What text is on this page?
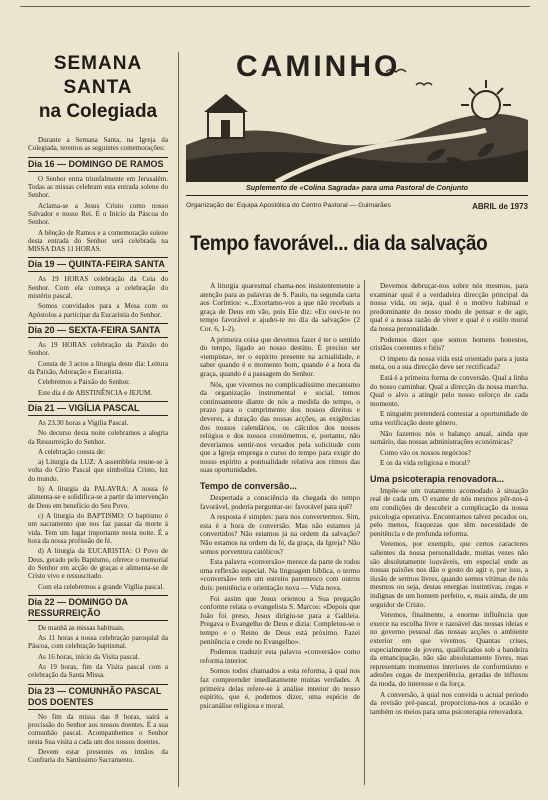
SEMANA SANTA
na Colegiada

Durante a Semana Santa, na Igreja da Colegiada, teremos as seguintes comemorações:

Dia 16 — DOMINGO DE RAMOS

O Senhor entra triunfalmente em Jerusalém. Todas as missas celebram esta entrada solene do Senhor.

Aclama-se a Jesus Cristo como nosso Salvador e nosso Rei. É o Início da Páscoa do Senhor.

A bênção de Ramos e a comemoração solene desta entrada do Senhor será celebrada na MISSA DAS 11 HORAS.

Dia 19 — QUINTA-FEIRA SANTA

As 19 HORAS celebração da Ceia do Senhor. Com ela começa a celebração do mistério pascal.

Somos convidados para a Mesa com os Apóstolos a participar da Eucaristia do Senhor.

Dia 20 — SEXTA-FEIRA SANTA

As 19 HORAS celebração da Paixão do Senhor.

Consta de 3 actos a liturgia deste dia: Leitura da Paixão, Adoração e Eucaristia.

Celebremos a Paixão do Senhor.

Este dia é de ABSTINÊNCIA e JEJUM.

Dia 21 — VIGÍLIA PASCAL

As 23.30 horas a Vigília Pascal.

No decurso desta noite celebramos a alegria da Ressurreição do Senhor.

A celebração consta de:

a) Liturgia da LUZ: A assembleia reune-se à volta do Círio Pascal que simboliza Cristo, luz do mundo.

b) A liturgia da PALAVRA: A nossa fé alimenta-se e solidifica-se a partir da intervenção de Deus em benefício do Seu Povo.

c) A liturgia do BAPTISMO: O baptismo é um sacramento que nos faz passar da morte à vida. Tem um lugar importante nesta noite. É a hora da nossa profissão de fé.

d) A liturgia da EUCARISTIA: O Povo de Deus, gerado pelo Baptismo, oferece o memorial do Senhor em acção de graças e alimenta-se de Cristo vivo e ressuscitado.

Com ela celebremos a grande Vigília pascal.

Dia 22 — DOMINGO DA RESSURREIÇÃO

De manhã as missas habituais.

As 11 horas a nossa celebração paroquial da Páscoa, com celebração baptismal.

As 16 horas, início da Visita pascal.

As 19 horas, fim da Visita pascal com a celebração da Santa Missa.

Dia 23 — COMUNHÃO PASCAL DOS DOENTES

No fim da missa das 8 horas, sairá a procissão do Senhor aos nossos doentes. É a sua comunhão pascal. Acompanhemos o Senhor nesta Sua visita a cada um dos nossos doentes.

Devem estar presentes os irmãos da Confraria do Santíssimo Sacramento.

CAMINHO
Suplemento de «Colina Sagrada» para uma Pastoral de Conjunto
Organização de: Equipa Apostólica do Centro Pastoral — Guimarães	ABRIL de 1973
Tempo favorável... dia da salvação

A liturgia quaresmal chama-nos insistentemente a atenção para as palavras de S. Paulo, na segunda carta aos Coríntios: «...Exortamo-vos a que não recebais a graça de Deus em vão, pois Ele diz: «Eu ouvi-te no tempo favorável e ajudei-te no dia da salvação» (2 Cor. 6, 1-2).

A primeira coisa que devemos fazer é ter o sentido do tempo, ligado ao nosso destino. É preciso ser «tempista», ter o espírito presente na actualidade, e saber quando é o momento bom, quando é a hora da graça, quando é a passagem do Senhor.

Nós, que vivemos no complicadíssimo mecanismo da organização instrumental e social, temos continuamente diante de nós a medida do tempo, o prazo para o cumprimento dos nossos direitos e deveres, a duração das nossas acções, as exigências dos nossos calendários, os cálculos dos nossos relógios e dos nossos cronómetros, e, portanto, não deveríamos sentir-nos vexados pela solicitude com que a Igreja emprega o curso do tempo para exigir do nosso espírito a pontualidade relativa aos ritmos das suas oportunidades.

Tempo de conversão...

Despertada a consciência da chegada do tempo favorável, poderia perguntar-se: favorável para quê?

A resposta é simples: para nos convertermos. Sim, esta é a hora de conversão. Mas não estamos já convertidos? Não estamos já na ordem da salvação? Não estamos na ordem da fé, da graça, da Igreja? Não somos porventura católicos?

Esta palavra «conversão» merece da parte de todos uma reflexão especial. Na linguagem bíblica, o termo «conversão» tem um estreito parentesco com outros dois: penitência e orientação nova — Vida nova.

Foi assim que Jesus orientou a Sua pregação conforme relata o evangelista S. Marcos: «Depois que João foi preso, Jesus dirigiu-se para a Galileia. Pregava o Evangelho de Deus e dizia: Completou-se o tempo e o Reino de Deus está próximo. Fazei penitência e crede no Evangelho».

Podemos traduzir esta palavra «conversão» como reforma interior.

Somos todos chamados a esta reforma, à qual nos faz compreender imediatamente muitas verdades. A primeira delas refere-se à análise interior do nosso espírito, que é, podemos dizer, uma espécie de psicanálise religiosa e moral.

Devemos debruçar-nos sobre nós mesmos, para examinar qual é a verdadeira direcção principal da nossa vida, ou seja, qual é o motivo habitual e predominante do nosso modo de pensar e de agir, qual é a nossa razão de viver e qual é o estilo moral da nossa personalidade.

Podemos dizer que somos homens honestos, cristãos coerentes e fiéis?

O ímpeto da nossa vida está orientado para a justa meta, ou a sua direcção deve ser rectificada?

Está é a primeira forma de conversão. Qual a linha do nosso caminhar. Qual a direcção da nossa marcha. Qual o alvo a atingir pelo nosso esforço de cada momento.

E ninguém pretenderá contestar a oportunidade de uma verificação deste género.

Não fazemos nós o balanço anual, ainda que sumário, das nossas administrações económicas?

Como vão os nossos negócios?

E os da vida religiosa e moral?

Uma psicoterapia renovadora...

Impõe-se um tratamento acomodado à situação real de cada um. O exame de nós mesmos pôr-nos-á em condições de descobrir a complicação da nossa psicologia operativa. Encontramos talvez pecados ou, pelo menos, fraquezas que têm necessidade de penitência e de profunda reforma.

Veremos, por exemplo, que certos caracteres salientes da nossa personalidade, muitas vezes não são absolutamente louváveis, em especial onde as nossas paixões nos dão o gosto do agir e, por isso, a ilusão de sermos livres, quando somos vítimas de nós mesmos ou seja, destas energias instintivas, cegas e indignas de um homem perfeito, e, mais ainda, de um seguidor de Cristo.

Veremos, finalmente, a enorme influência que exerce na escolha livre e razoável das nossas ideias e no governo pessoal das nossas acções o ambiente exterior em que vivemos. Quantas crises, especialmente de jovens, qualificados sob a bandeira da emancipação, não são absolutamente livres, mas representam momentos interiores de conformismo e adesões cegas de inexperiência, geradas de influxos da moda, do interesse e da força.

A conversão, à qual nos convida o actual período da revisão pré-pascal, proporciona-nos a ocasião e também os meios para uma psicoterapia renovadora.
